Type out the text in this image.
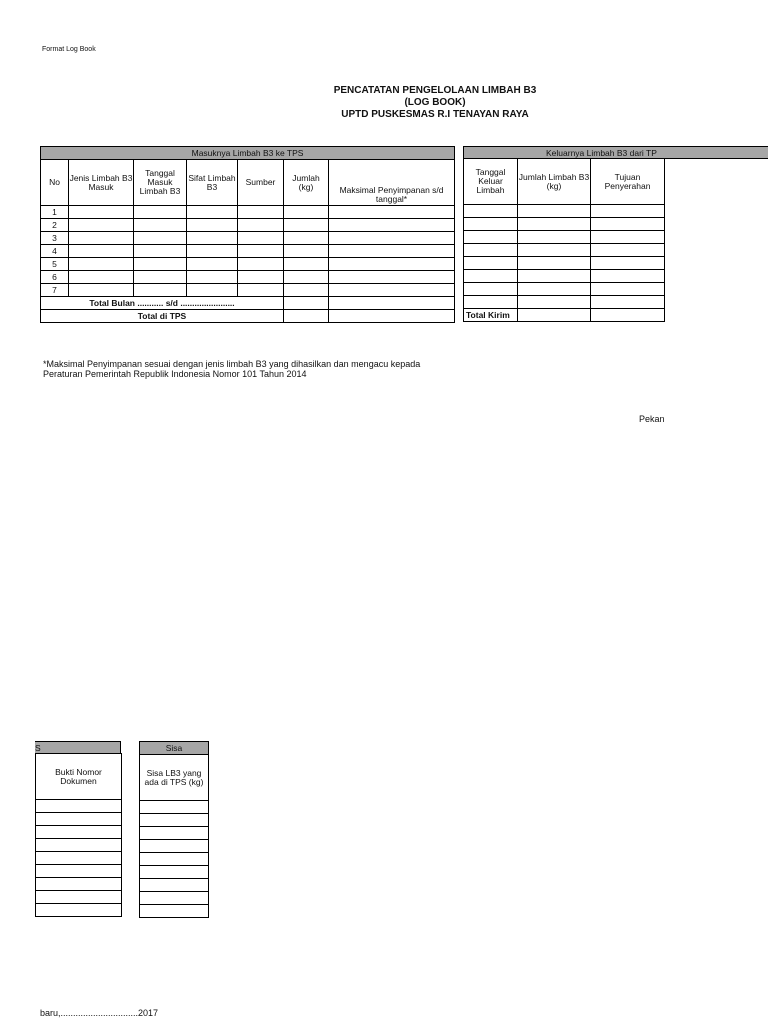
Format Log Book
PENCATATAN PENGELOLAAN LIMBAH B3
(LOG BOOK)
UPTD PUSKESMAS R.I TENAYAN RAYA
Masuknya Limbah B3 ke TPS						
No	Jenis Limbah B3 Masuk	Tanggal Masuk Limbah B3	Sifat Limbah B3	Sumber	Jumlah (kg)	Maksimal Penyimpanan s/d tanggal*
1						
2						
3						
4						
5						
6						
7						
Total Bulan ........... s/d .......................						
Total di TPS						
Keluarnya Limbah B3 dari TP
Tanggal Keluar Limbah	Jumlah Limbah B3 (kg)	Tujuan Penyerahan

Total Kirim		
*Maksimal Penyimpanan sesuai dengan jenis limbah B3 yang dihasilkan dan mengacu kepada
Peraturan Pemerintah Republik Indonesia Nomor 101 Tahun 2014
Pekan
S
Bukti Nomor Dokumen

Sisa
Sisa LB3 yang ada di TPS (kg)

baru,...............................2017
